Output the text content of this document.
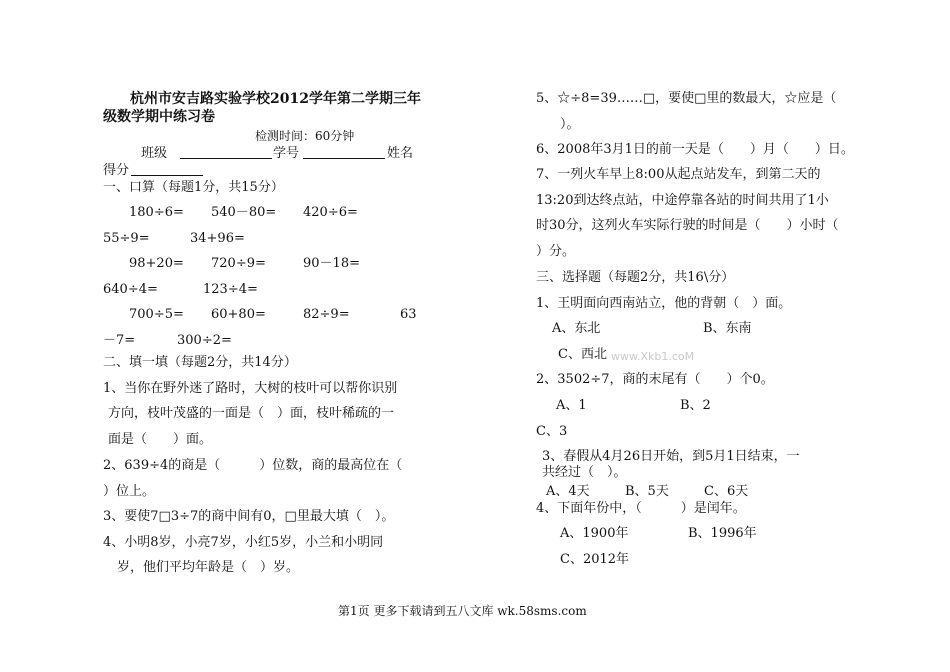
杭州市安吉路实验学校2012学年第二学期三年
级数学期中练习卷
检测时间：60分钟
班级	学号	姓名
得分
一、口算（每题1分，共15分）
180÷6= 540－80= 420÷6=
55÷9=	34+96=
98+20= 720÷9=	90－18=
640÷4=	123÷4=
700÷5= 60+80=	82÷9=	63
－7=	300÷2=
二、填一填（每题2分，共14分）
1、当你在野外迷了路时，大树的枝叶可以帮你识别
方向，枝叶茂盛的一面是（　）面，枝叶稀疏的一
面是（　　）面。
2、639÷4的商是（　　　）位数，商的最高位在（
）位上。
3、要使7□3÷7的商中间有0，□里最大填（　）。
4、小明8岁，小亮7岁，小红5岁，小兰和小明同
岁，他们平均年龄是（　）岁。
5、☆÷8=39……□，要使□里的数最大，☆应是（
）。
6、2008年3月1日的前一天是（　　）月（　　）日。
7、一列火车早上8:00从起点站发车，到第二天的
13:20到达终点站，中途停靠各站的时间共用了1小
时30分，这列火车实际行驶的时间是（　　）小时（
）分。
三、选择题（每题2分，共16\分）
1、王明面向西南站立，他的背朝（　）面。
A、东北	B、东南
C、西北 www.Xkb1.coM
2、3502÷7，商的末尾有（　　）个0。
A、1	B、2
C、3
3、春假从4月26日开始，到5月1日结束，一
共经过（　）。
A、4天	B、5天	C、6天
4、下面年份中，（　　　）是闰年。
A、1900年	B、1996年
C、2012年
第1页 更多下载请到五八文库 wk.58sms.com
